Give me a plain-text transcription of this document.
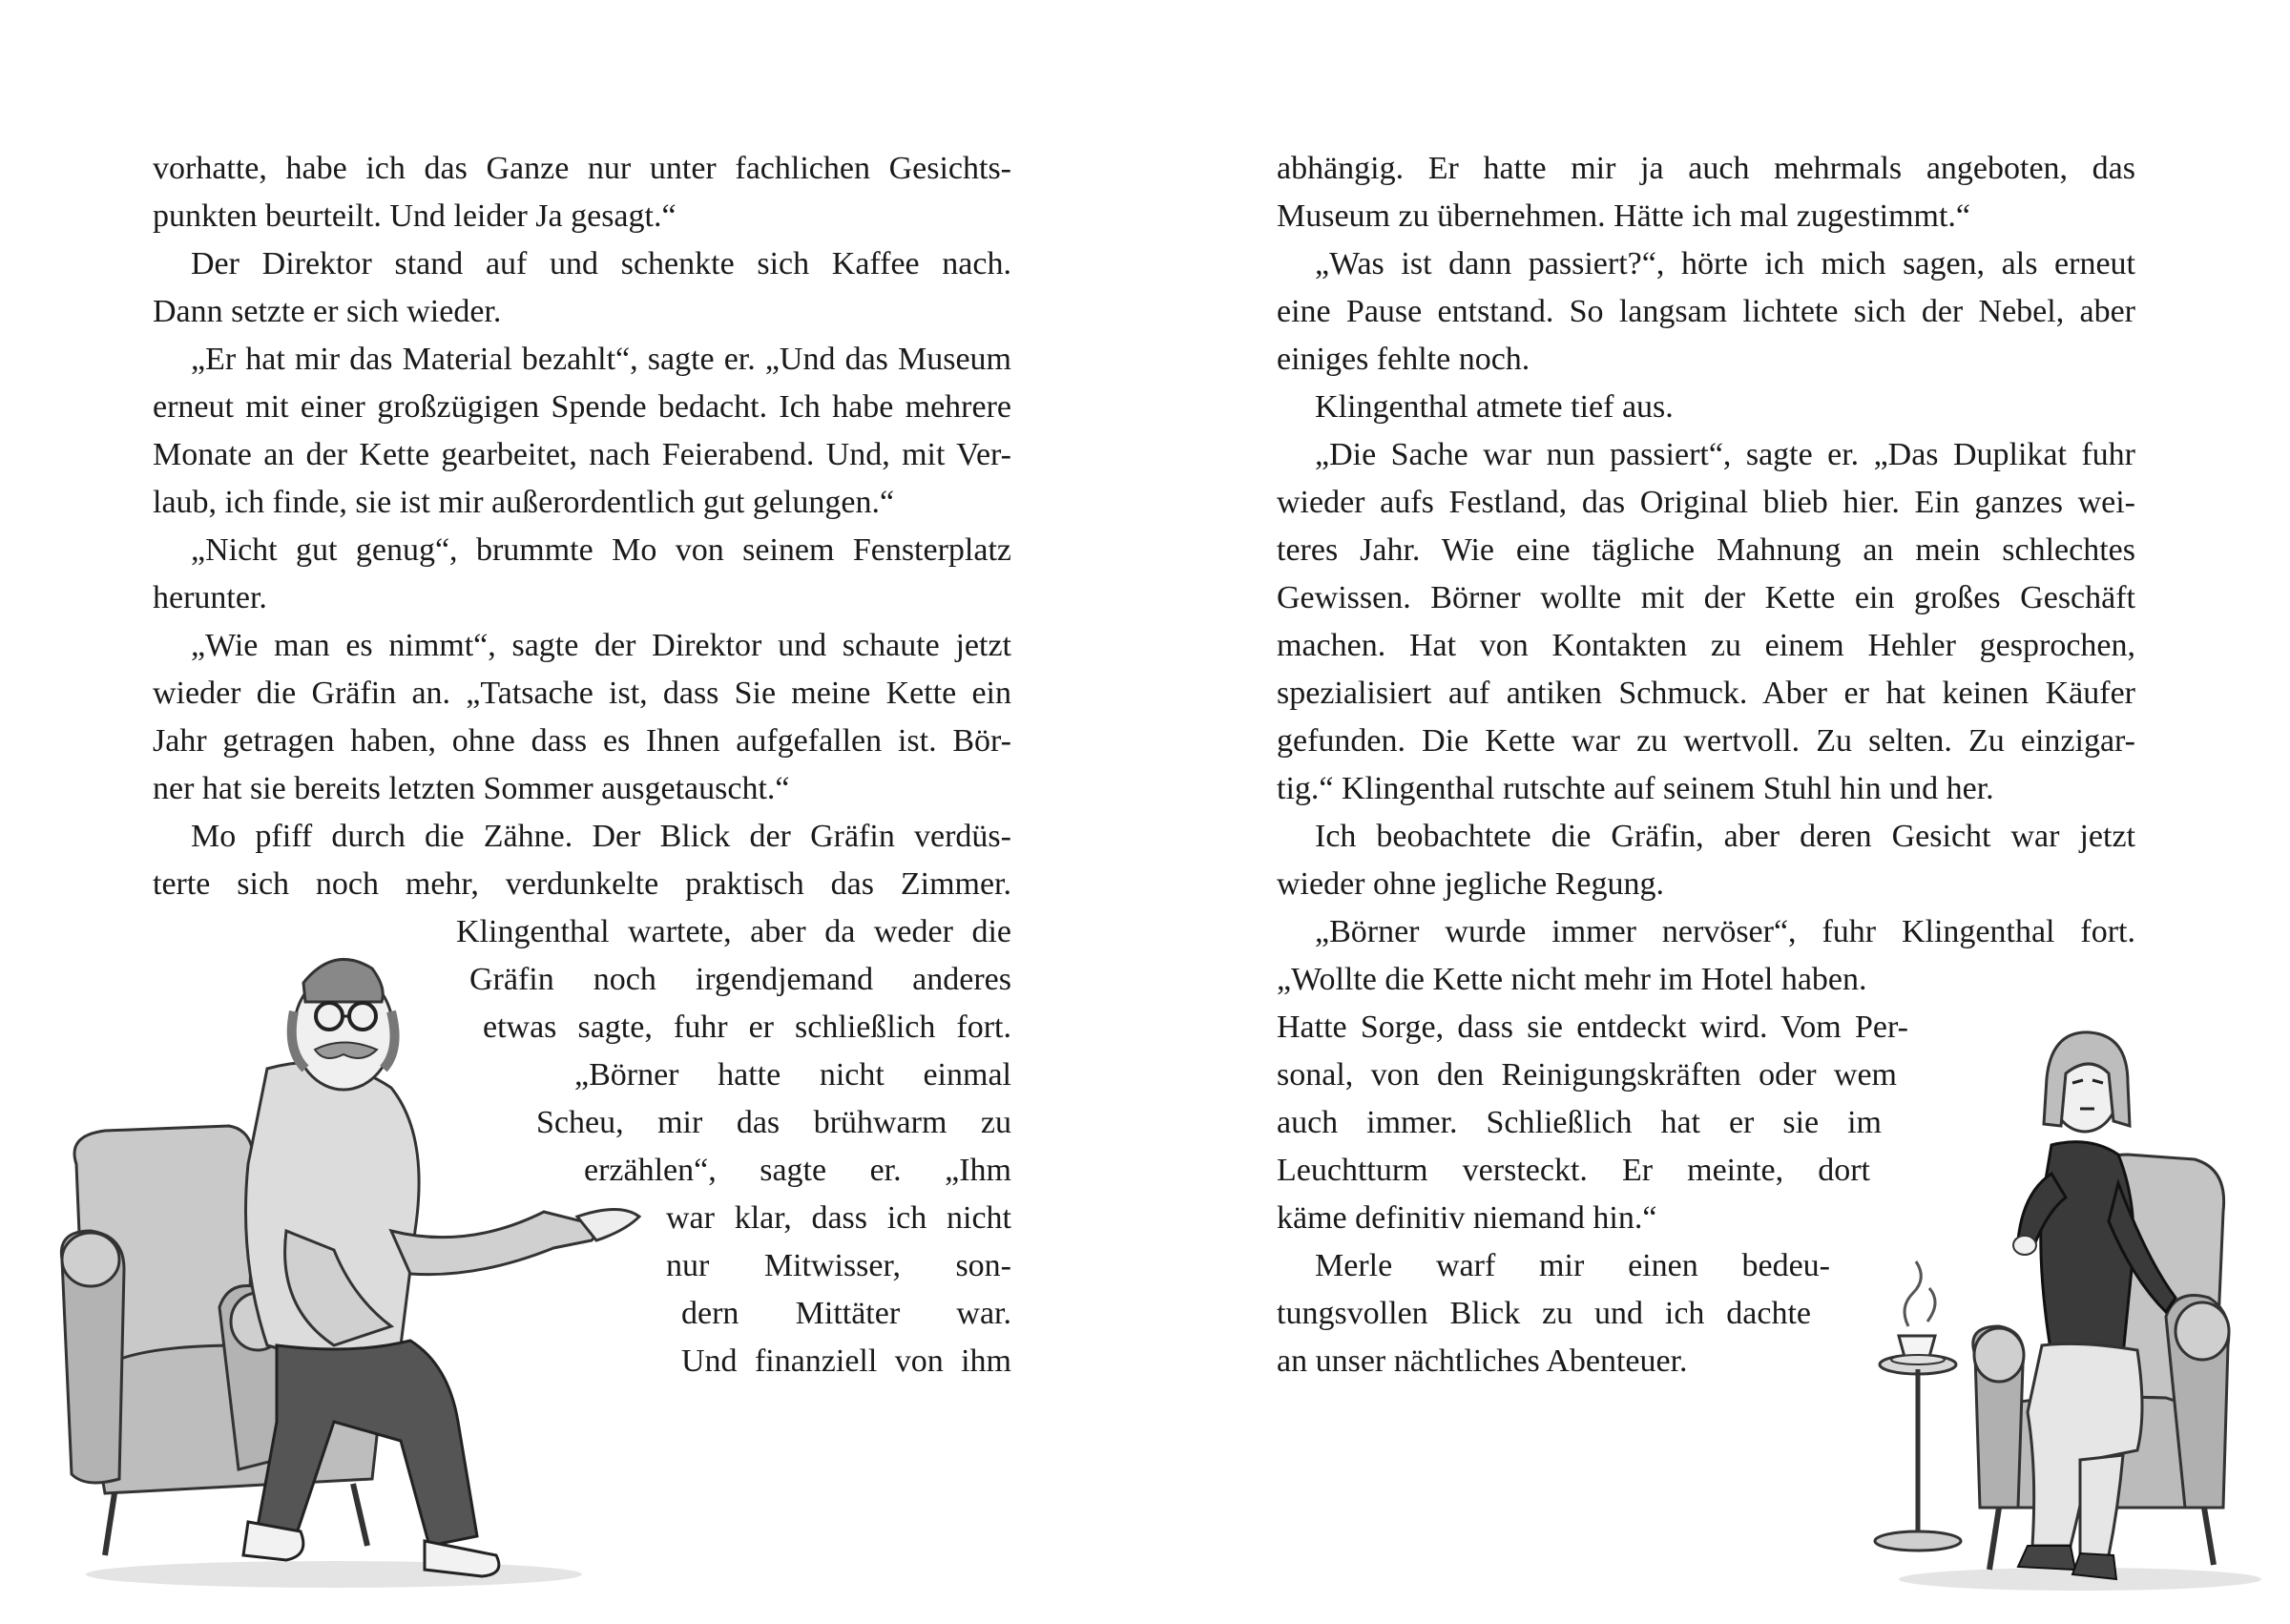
vorhatte, habe ich das Ganze nur unter fachlichen Gesichts-
punkten beurteilt. Und leider Ja gesagt.“
Der Direktor stand auf und schenkte sich Kaffee nach.
Dann setzte er sich wieder.
„Er hat mir das Material bezahlt“, sagte er. „Und das Museum
erneut mit einer großzügigen Spende bedacht. Ich habe mehrere
Monate an der Kette gearbeitet, nach Feierabend. Und, mit Ver-
laub, ich finde, sie ist mir außerordentlich gut gelungen.“
„Nicht gut genug“, brummte Mo von seinem Fensterplatz
herunter.
„Wie man es nimmt“, sagte der Direktor und schaute jetzt
wieder die Gräfin an. „Tatsache ist, dass Sie meine Kette ein
Jahr getragen haben, ohne dass es Ihnen aufgefallen ist. Bör-
ner hat sie bereits letzten Sommer ausgetauscht.“
Mo pfiff durch die Zähne. Der Blick der Gräfin verdüs-
terte sich noch mehr, verdunkelte praktisch das Zimmer.
Klingenthal wartete, aber da weder die
Gräfin noch irgendjemand anderes
etwas sagte, fuhr er schließlich fort.
„Börner hatte nicht einmal
Scheu, mir das brühwarm zu
erzählen“, sagte er. „Ihm
war klar, dass ich nicht
nur Mitwisser, son-
dern Mittäter war.
Und finanziell von ihm
abhängig. Er hatte mir ja auch mehrmals angeboten, das
Museum zu übernehmen. Hätte ich mal zugestimmt.“
„Was ist dann passiert?“, hörte ich mich sagen, als erneut
eine Pause entstand. So langsam lichtete sich der Nebel, aber
einiges fehlte noch.
Klingenthal atmete tief aus.
„Die Sache war nun passiert“, sagte er. „Das Duplikat fuhr
wieder aufs Festland, das Original blieb hier. Ein ganzes wei-
teres Jahr. Wie eine tägliche Mahnung an mein schlechtes
Gewissen. Börner wollte mit der Kette ein großes Geschäft
machen. Hat von Kontakten zu einem Hehler gesprochen,
spezialisiert auf antiken Schmuck. Aber er hat keinen Käufer
gefunden. Die Kette war zu wertvoll. Zu selten. Zu einzigar-
tig.“ Klingenthal rutschte auf seinem Stuhl hin und her.
Ich beobachtete die Gräfin, aber deren Gesicht war jetzt
wieder ohne jegliche Regung.
„Börner wurde immer nervöser“, fuhr Klingenthal fort.
„Wollte die Kette nicht mehr im Hotel haben.
Hatte Sorge, dass sie entdeckt wird. Vom Per-
sonal, von den Reinigungskräften oder wem
auch immer. Schließlich hat er sie im
Leuchtturm versteckt. Er meinte, dort
käme definitiv niemand hin.“
Merle warf mir einen bedeu-
tungsvollen Blick zu und ich dachte
an unser nächtliches Abenteuer.
